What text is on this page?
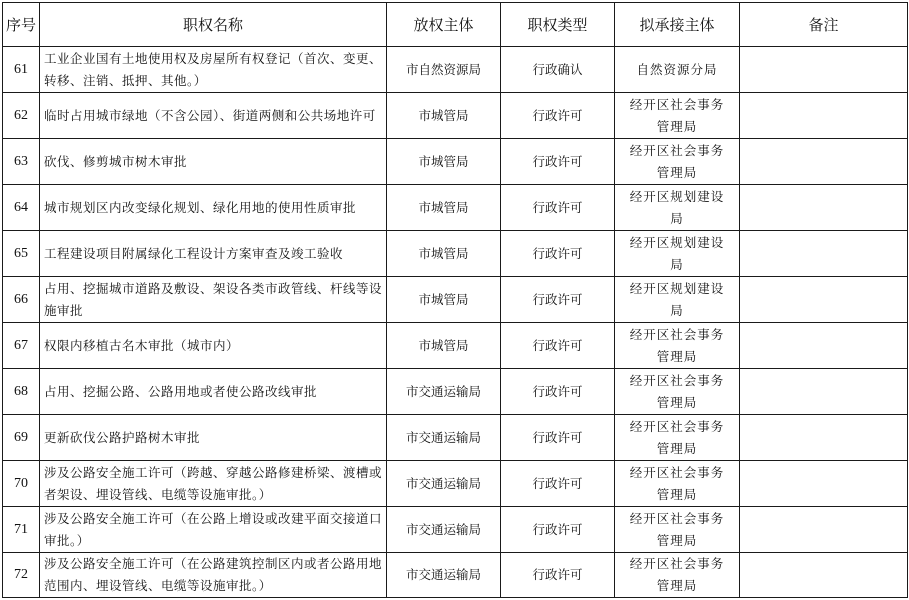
序号	职权名称	放权主体	职权类型	拟承接主体	备注
61	工业企业国有土地使用权及房屋所有权登记（首次、变更、转移、注销、抵押、其他。）	市自然资源局	行政确认	自然资源分局	
62	临时占用城市绿地（不含公园）、街道两侧和公共场地许可	市城管局	行政许可	经开区社会事务管理局	
63	砍伐、修剪城市树木审批	市城管局	行政许可	经开区社会事务管理局	
64	城市规划区内改变绿化规划、绿化用地的使用性质审批	市城管局	行政许可	经开区规划建设局	
65	工程建设项目附属绿化工程设计方案审查及竣工验收	市城管局	行政许可	经开区规划建设局	
66	占用、挖掘城市道路及敷设、架设各类市政管线、杆线等设施审批	市城管局	行政许可	经开区规划建设局	
67	权限内移植古名木审批（城市内）	市城管局	行政许可	经开区社会事务管理局	
68	占用、挖掘公路、公路用地或者使公路改线审批	市交通运输局	行政许可	经开区社会事务管理局	
69	更新砍伐公路护路树木审批	市交通运输局	行政许可	经开区社会事务管理局	
70	涉及公路安全施工许可（跨越、穿越公路修建桥梁、渡槽或者架设、埋设管线、电缆等设施审批。）	市交通运输局	行政许可	经开区社会事务管理局	
71	涉及公路安全施工许可（在公路上增设或改建平面交接道口审批。）	市交通运输局	行政许可	经开区社会事务管理局	
72	涉及公路安全施工许可（在公路建筑控制区内或者公路用地范围内、埋设管线、电缆等设施审批。）	市交通运输局	行政许可	经开区社会事务管理局	
